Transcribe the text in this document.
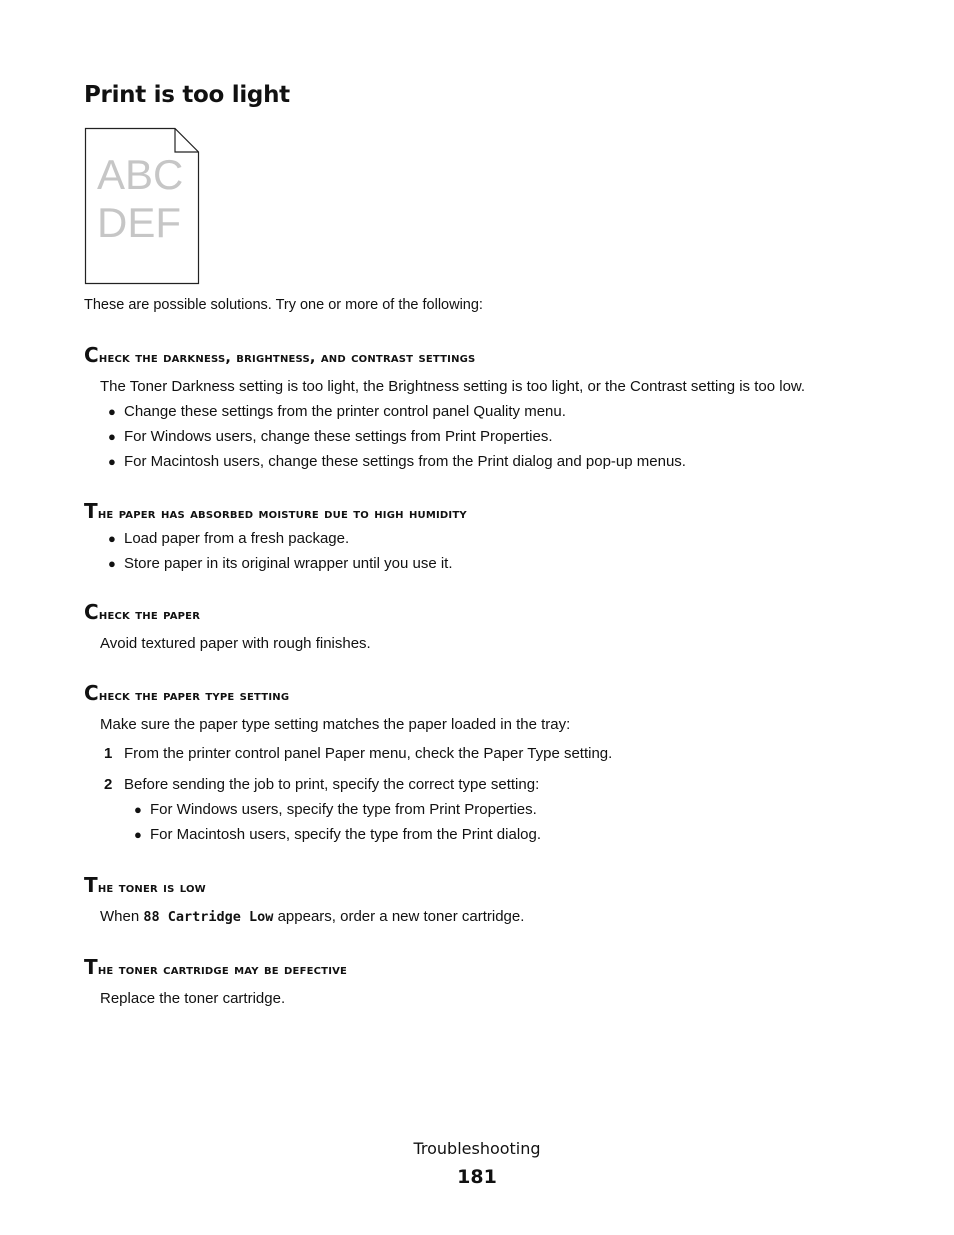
Print is too light
ABC
DEF

These are possible solutions. Try one or more of the following:

Check the darkness, brightness, and contrast settings

The Toner Darkness setting is too light, the Brightness setting is too light, or the Contrast setting is too low.

● Change these settings from the printer control panel Quality menu.
● For Windows users, change these settings from Print Properties.
● For Macintosh users, change these settings from the Print dialog and pop-up menus.
The paper has absorbed moisture due to high humidity
● Load paper from a fresh package.
● Store paper in its original wrapper until you use it.
Check the paper

Avoid textured paper with rough finishes.

Check the paper type setting

Make sure the paper type setting matches the paper loaded in the tray:

1 From the printer control panel Paper menu, check the Paper Type setting.
2 Before sending the job to print, specify the correct type setting:
● For Windows users, specify the type from Print Properties.
● For Macintosh users, specify the type from the Print dialog.
The toner is low

When 88 Cartridge Low appears, order a new toner cartridge.

The toner cartridge may be defective

Replace the toner cartridge.

Troubleshooting
181
